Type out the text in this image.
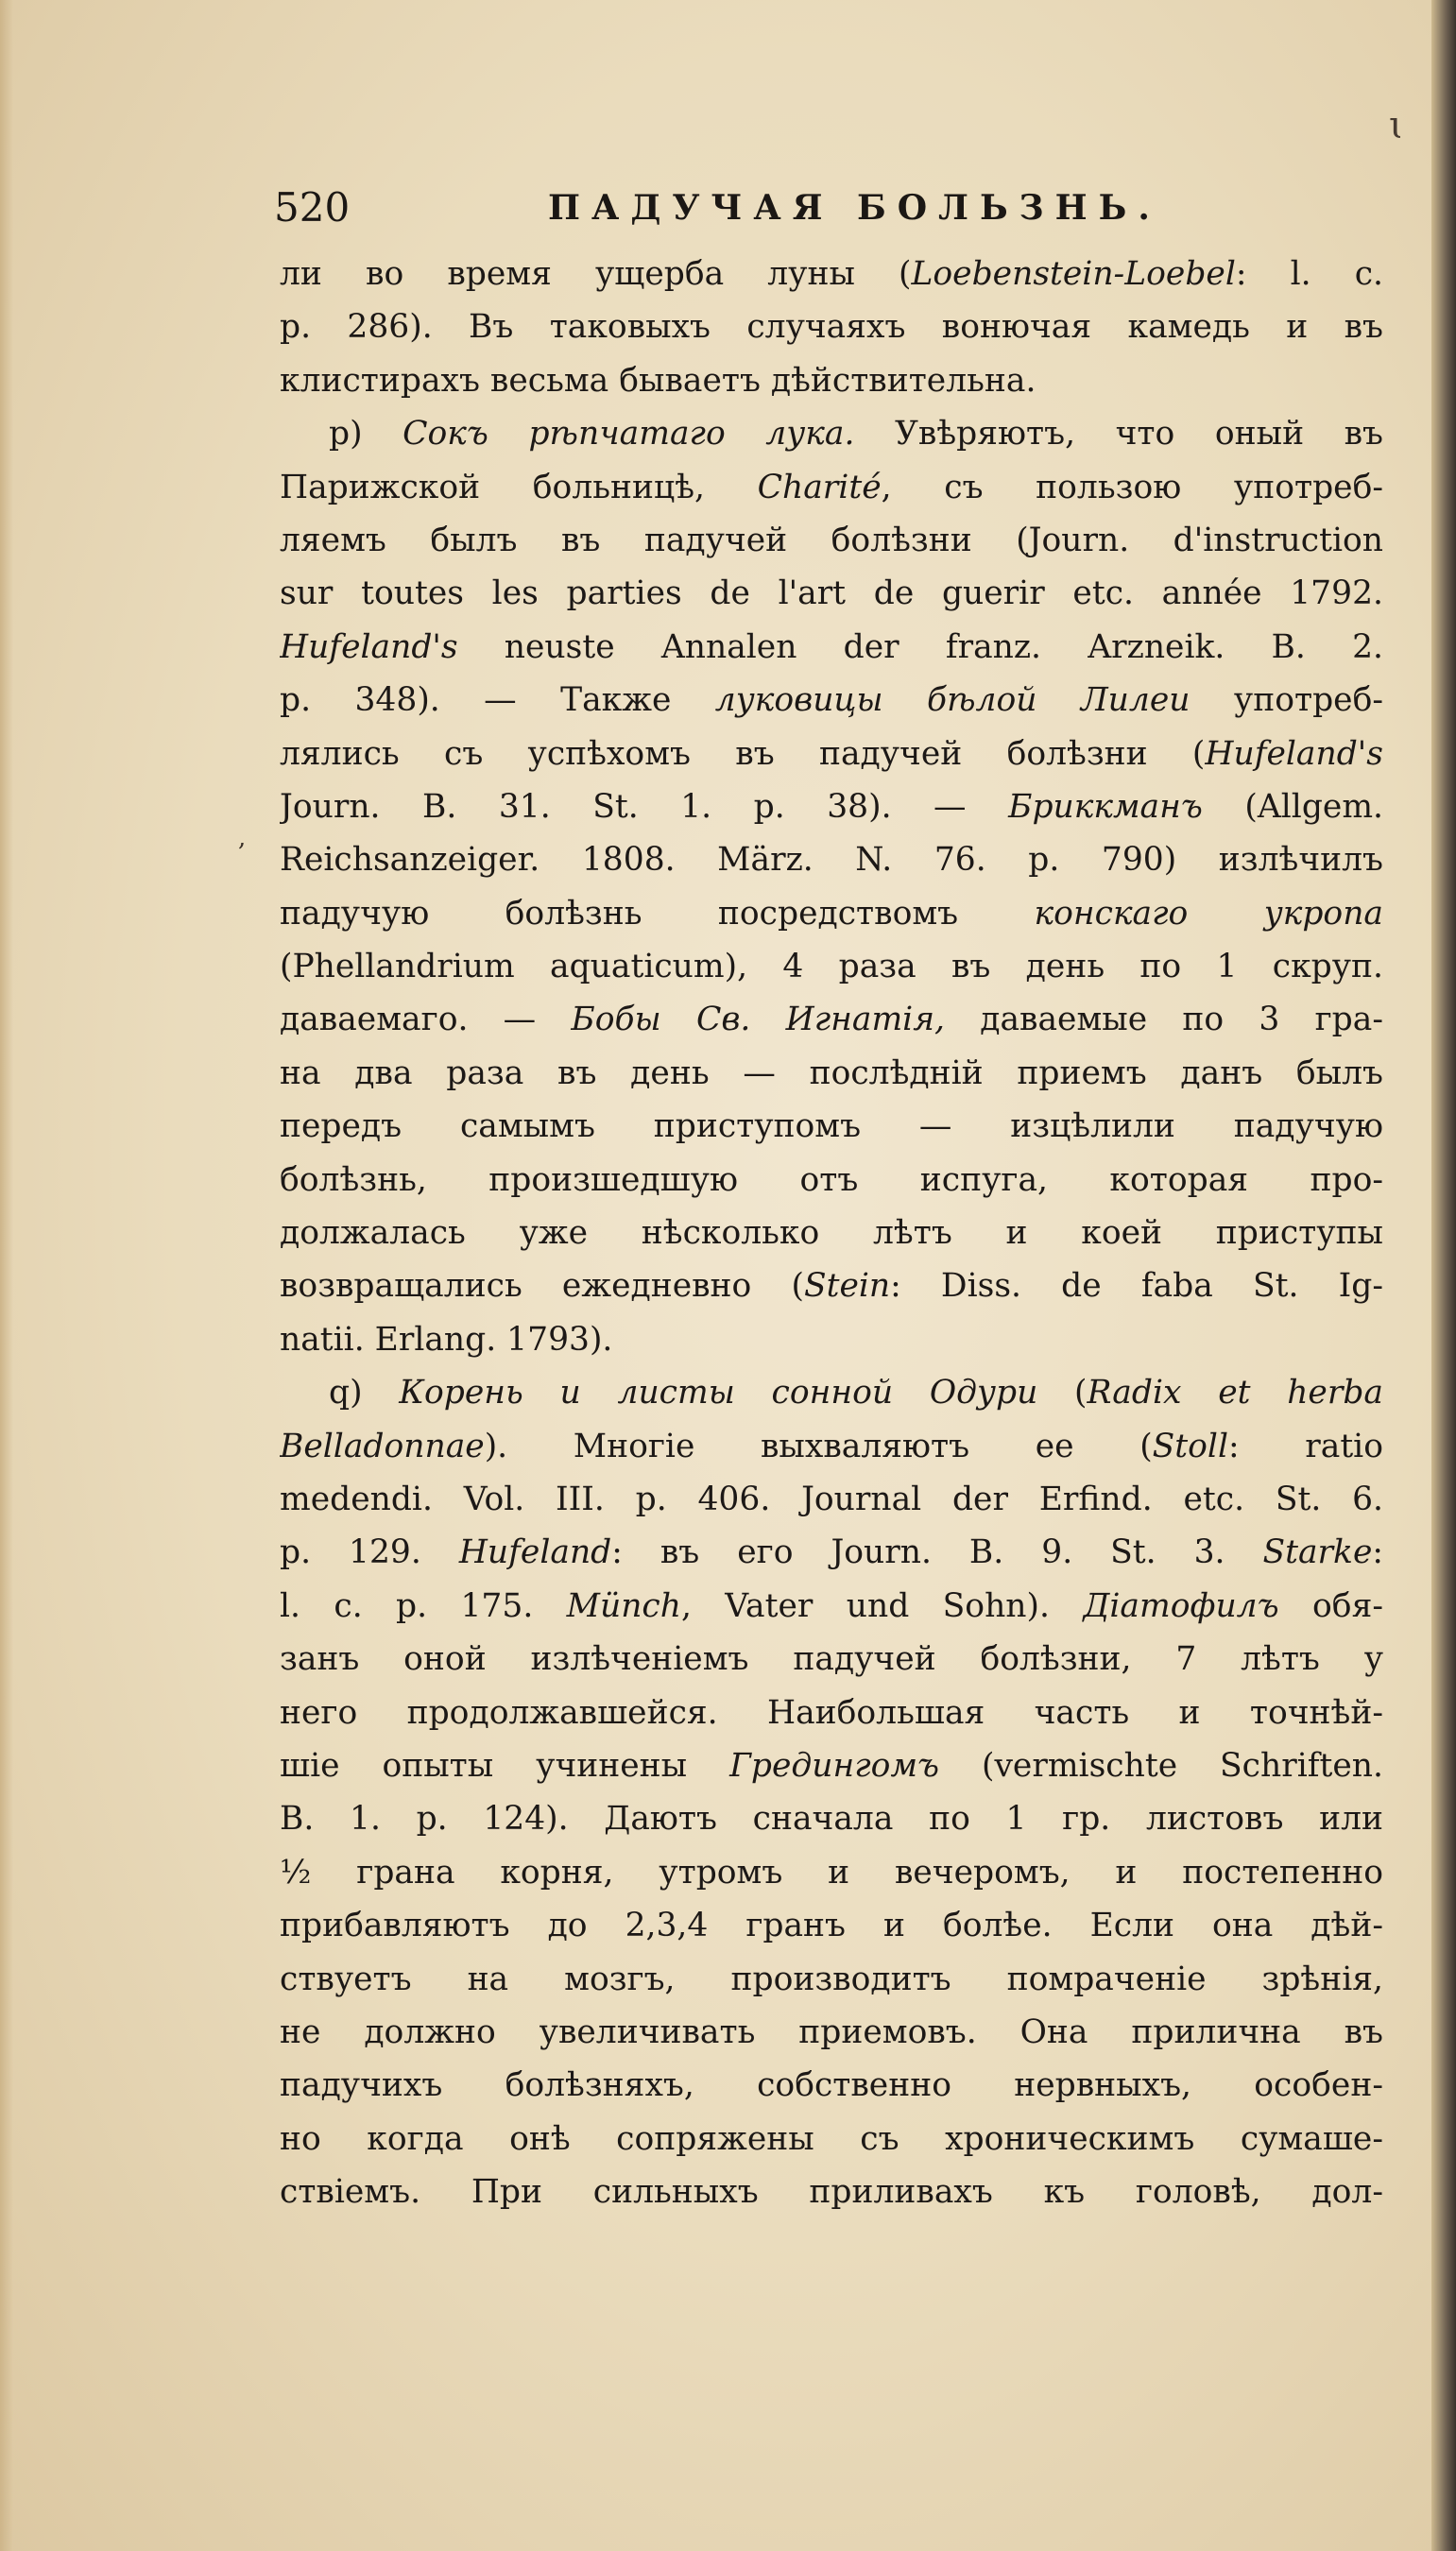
ɩ
520	ПАДУЧАЯ БОЛЬЗНЬ.
,
ли во время ущерба луны (Loebenstein-Loebel: l. c.
p. 286). Въ таковыхъ случаяхъ вонючая камедь и въ
клистирахъ весьма бываетъ дѣйствительна.
p) Сокъ рѣпчатаго лука. Увѣряютъ, что оный въ
Парижской больницѣ, Charité, съ пользою употреб-
ляемъ былъ въ падучей болѣзни (Journ. d'instruction
sur toutes les parties de l'art de guerir etc. année 1792.
Hufeland's neuste Annalen der franz. Arzneik. B. 2.
p. 348). — Также луковицы бѣлой Лилеи употреб-
лялись съ успѣхомъ въ падучей болѣзни (Hufeland's
Journ. B. 31. St. 1. p. 38). — Бриккманъ (Allgem.
Reichsanzeiger. 1808. März. N. 76. p. 790) излѣчилъ
падучую болѣзнь посредствомъ конскаго укропа
(Phellandrium aquaticum), 4 раза въ день по 1 скруп.
даваемаго. — Бобы Св. Игнатія, даваемые по 3 гра-
на два раза въ день — послѣдній приемъ данъ былъ
передъ самымъ приступомъ — изцѣлили падучую
болѣзнь, произшедшую отъ испуга, которая про-
должалась уже нѣсколько лѣтъ и коей приступы
возвращались ежедневно (Stein: Diss. de faba St. Ig-
natii. Erlang. 1793).
q) Корень и листы сонной Одури (Radix et herba
Belladonnae). Многіе выхваляютъ ее (Stoll: ratio
medendi. Vol. III. p. 406. Journal der Erfind. etc. St. 6.
p. 129. Hufeland: въ его Journ. B. 9. St. 3. Starke:
l. c. p. 175. Münch, Vater und Sohn). Діатофилъ обя-
занъ оной излѣченіемъ падучей болѣзни, 7 лѣтъ у
него продолжавшейся. Наибольшая часть и точнѣй-
шіе опыты учинены Гредингомъ (vermischte Schriften.
B. 1. p. 124). Даютъ сначала по 1 гр. листовъ или
½ грана корня, утромъ и вечеромъ, и постепенно
прибавляютъ до 2,3,4 гранъ и болѣе. Если она дѣй-
ствуетъ на мозгъ, производитъ помраченіе зрѣнія,
не должно увеличивать приемовъ. Она прилична въ
падучихъ болѣзняхъ, собственно нервныхъ, особен-
но когда онѣ сопряжены съ хроническимъ сумаше-
ствіемъ. При сильныхъ приливахъ къ головѣ, дол-
